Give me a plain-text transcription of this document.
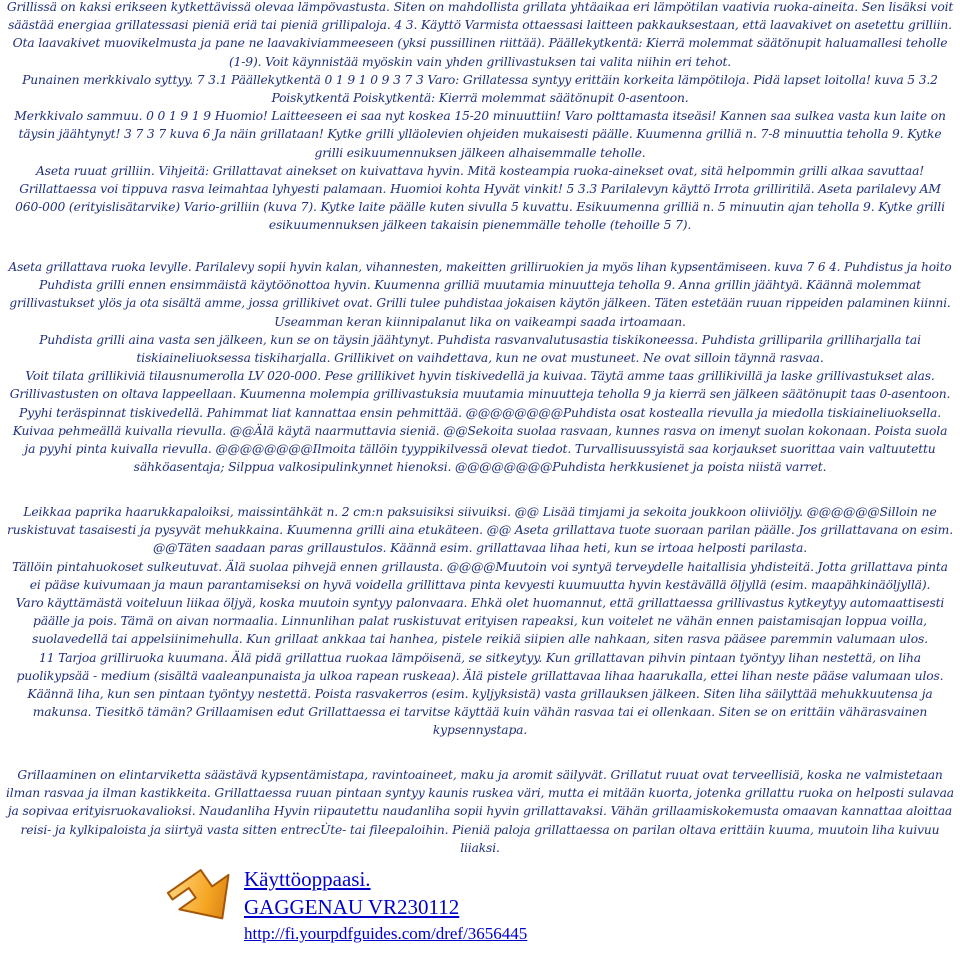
Grillissä on kaksi erikseen kytkettävissä olevaa lämpövastusta. Siten on mahdollista grillata yhtäaikaa eri lämpötilan vaativia ruoka-aineita. Sen lisäksi voit
säästää energiaa grillatessasi pieniä eriä tai pieniä grillipaloja. 4 3. Käyttö Varmista ottaessasi laitteen pakkauksestaan, että laavakivet on asetettu grilliin.
Ota laavakivet muovikelmusta ja pane ne laavakiviammeeseen (yksi pussillinen riittää). Päällekytkentä: Kierrä molemmat säätönupit haluamallesi teholle
(1-9). Voit käynnistää myöskin vain yhden grillivastuksen tai valita niihin eri tehot.
Punainen merkkivalo syttyy. 7 3.1 Päällekytkentä 0 1 9 1 0 9 3 7 3 Varo: Grillatessa syntyy erittäin korkeita lämpötiloja. Pidä lapset loitolla! kuva 5 3.2
Poiskytkentä Poiskytkentä: Kierrä molemmat säätönupit 0-asentoon.
Merkkivalo sammuu. 0 0 1 9 1 9 Huomio! Laitteeseen ei saa nyt koskea 15-20 minuuttiin! Varo polttamasta itseäsi! Kannen saa sulkea vasta kun laite on
täysin jäähtynyt! 3 7 3 7 kuva 6 Ja näin grillataan! Kytke grilli ylläolevien ohjeiden mukaisesti päälle. Kuumenna grilliä n. 7-8 minuuttia teholla 9. Kytke
grilli esikuumennuksen jälkeen alhaisemmalle teholle.
Aseta ruuat grilliin. Vihjeitä: Grillattavat ainekset on kuivattava hyvin. Mitä kosteampia ruoka-ainekset ovat, sitä helpommin grilli alkaa savuttaa!
Grillattaessa voi tippuva rasva leimahtaa lyhyesti palamaan. Huomioi kohta Hyvät vinkit! 5 3.3 Parilalevyn käyttö Irrota grilliritilä. Aseta parilalevy AM
060-000 (erityislisätarvike) Vario-grilliin (kuva 7). Kytke laite päälle kuten sivulla 5 kuvattu. Esikuumenna grilliä n. 5 minuutin ajan teholla 9. Kytke grilli
esikuumennuksen jälkeen takaisin pienemmälle teholle (tehoille 5 7).

Aseta grillattava ruoka levylle. Parilalevy sopii hyvin kalan, vihannesten, makeitten grilliruokien ja myös lihan kypsentämiseen. kuva 7 6 4. Puhdistus ja hoito
Puhdista grilli ennen ensimmäistä käytöönottoa hyvin. Kuumenna grilliä muutamia minuutteja teholla 9. Anna grillin jäähtyä. Käännä molemmat
grillivastukset ylös ja ota sisältä amme, jossa grillikivet ovat. Grilli tulee puhdistaa jokaisen käytön jälkeen. Täten estetään ruuan rippeiden palaminen kiinni.
Useamman keran kiinnipalanut lika on vaikeampi saada irtoamaan.
Puhdista grilli aina vasta sen jälkeen, kun se on täysin jäähtynyt. Puhdista rasvanvalutusastia tiskikoneessa. Puhdista grilliparila grilliharjalla tai
tiskiaineliuoksessa tiskiharjalla. Grillikivet on vaihdettava, kun ne ovat mustuneet. Ne ovat silloin täynnä rasvaa.
Voit tilata grillikiviä tilausnumerolla LV 020-000. Pese grillikivet hyvin tiskivedellä ja kuivaa. Täytä amme taas grillikivillä ja laske grillivastukset alas.
Grillivastusten on oltava lappeellaan. Kuumenna molempia grillivastuksia muutamia minuutteja teholla 9 ja kierrä sen jälkeen säätönupit taas 0-asentoon.
Pyyhi teräspinnat tiskivedellä. Pahimmat liat kannattaa ensin pehmittää. @@@@@@@@Puhdista osat kostealla rievulla ja miedolla tiskiaineliuoksella.
Kuivaa pehmeällä kuivalla rievulla. @@Älä käytä naarmuttavia sieniä. @@Sekoita suolaa rasvaan, kunnes rasva on imenyt suolan kokonaan. Poista suola
ja pyyhi pinta kuivalla rievulla. @@@@@@@@Ilmoita tällöin tyyppikilvessä olevat tiedot. Turvallisuussyistä saa korjaukset suorittaa vain valtuutettu
sähköasentaja; Silppua valkosipulinkynnet hienoksi. @@@@@@@@Puhdista herkkusienet ja poista niistä varret.

Leikkaa paprika haarukkapaloiksi, maissintähkät n. 2 cm:n paksuisiksi siivuiksi. @@ Lisää timjami ja sekoita joukkoon oliiviöljy. @@@@@@Silloin ne
ruskistuvat tasaisesti ja pysyvät mehukkaina. Kuumenna grilli aina etukäteen. @@ Aseta grillattava tuote suoraan parilan päälle. Jos grillattavana on esim.
@@Täten saadaan paras grillaustulos. Käännä esim. grillattavaa lihaa heti, kun se irtoaa helposti parilasta.
Tällöin pintahuokoset sulkeutuvat. Älä suolaa pihvejä ennen grillausta. @@@@Muutoin voi syntyä terveydelle haitallisia yhdisteitä. Jotta grillattava pinta
ei pääse kuivumaan ja maun parantamiseksi on hyvä voidella grillittava pinta kevyesti kuumuutta hyvin kestävällä öljyllä (esim. maapähkinäöljyllä).
Varo käyttämästä voiteluun liikaa öljyä, koska muutoin syntyy palonvaara. Ehkä olet huomannut, että grillattaessa grillivastus kytkeytyy automaattisesti
päälle ja pois. Tämä on aivan normaalia. Linnunlihan palat ruskistuvat erityisen rapeaksi, kun voitelet ne vähän ennen paistamisajan loppua voilla,
suolavedellä tai appelsiinimehulla. Kun grillaat ankkaa tai hanhea, pistele reikiä siipien alle nahkaan, siten rasva pääsee paremmin valumaan ulos.
11 Tarjoa grilliruoka kuumana. Älä pidä grillattua ruokaa lämpöisenä, se sitkeytyy. Kun grillattavan pihvin pintaan työntyy lihan nestettä, on liha
puolikypsää - medium (sisältä vaaleanpunaista ja ulkoa rapean ruskeaa). Älä pistele grillattavaa lihaa haarukalla, ettei lihan neste pääse valumaan ulos.
Käännä liha, kun sen pintaan työntyy nestettä. Poista rasvakerros (esim. kyljyksistä) vasta grillauksen jälkeen. Siten liha säilyttää mehukkuutensa ja
makunsa. Tiesitkö tämän? Grillaamisen edut Grillattaessa ei tarvitse käyttää kuin vähän rasvaa tai ei ollenkaan. Siten se on erittäin vähärasvainen
kypsennystapa.

Grillaaminen on elintarviketta säästävä kypsentämistapa, ravintoaineet, maku ja aromit säilyvät. Grillatut ruuat ovat terveellisiä, koska ne valmistetaan
ilman rasvaa ja ilman kastikkeita. Grillattaessa ruuan pintaan syntyy kaunis ruskea väri, mutta ei mitään kuorta, jotenka grillattu ruoka on helposti sulavaa
ja sopivaa erityisruokavalioksi. Naudanliha Hyvin riipautettu naudanliha sopii hyvin grillattavaksi. Vähän grillaamiskokemusta omaavan kannattaa aloittaa
reisi- ja kylkipaloista ja siirtyä vasta sitten entrecÙte- tai fileepaloihin. Pieniä paloja grillattaessa on parilan oltava erittäin kuuma, muutoin liha kuivuu
liiaksi.

Käyttöoppaasi.
GAGGENAU VR230112
http://fi.yourpdfguides.com/dref/3656445
